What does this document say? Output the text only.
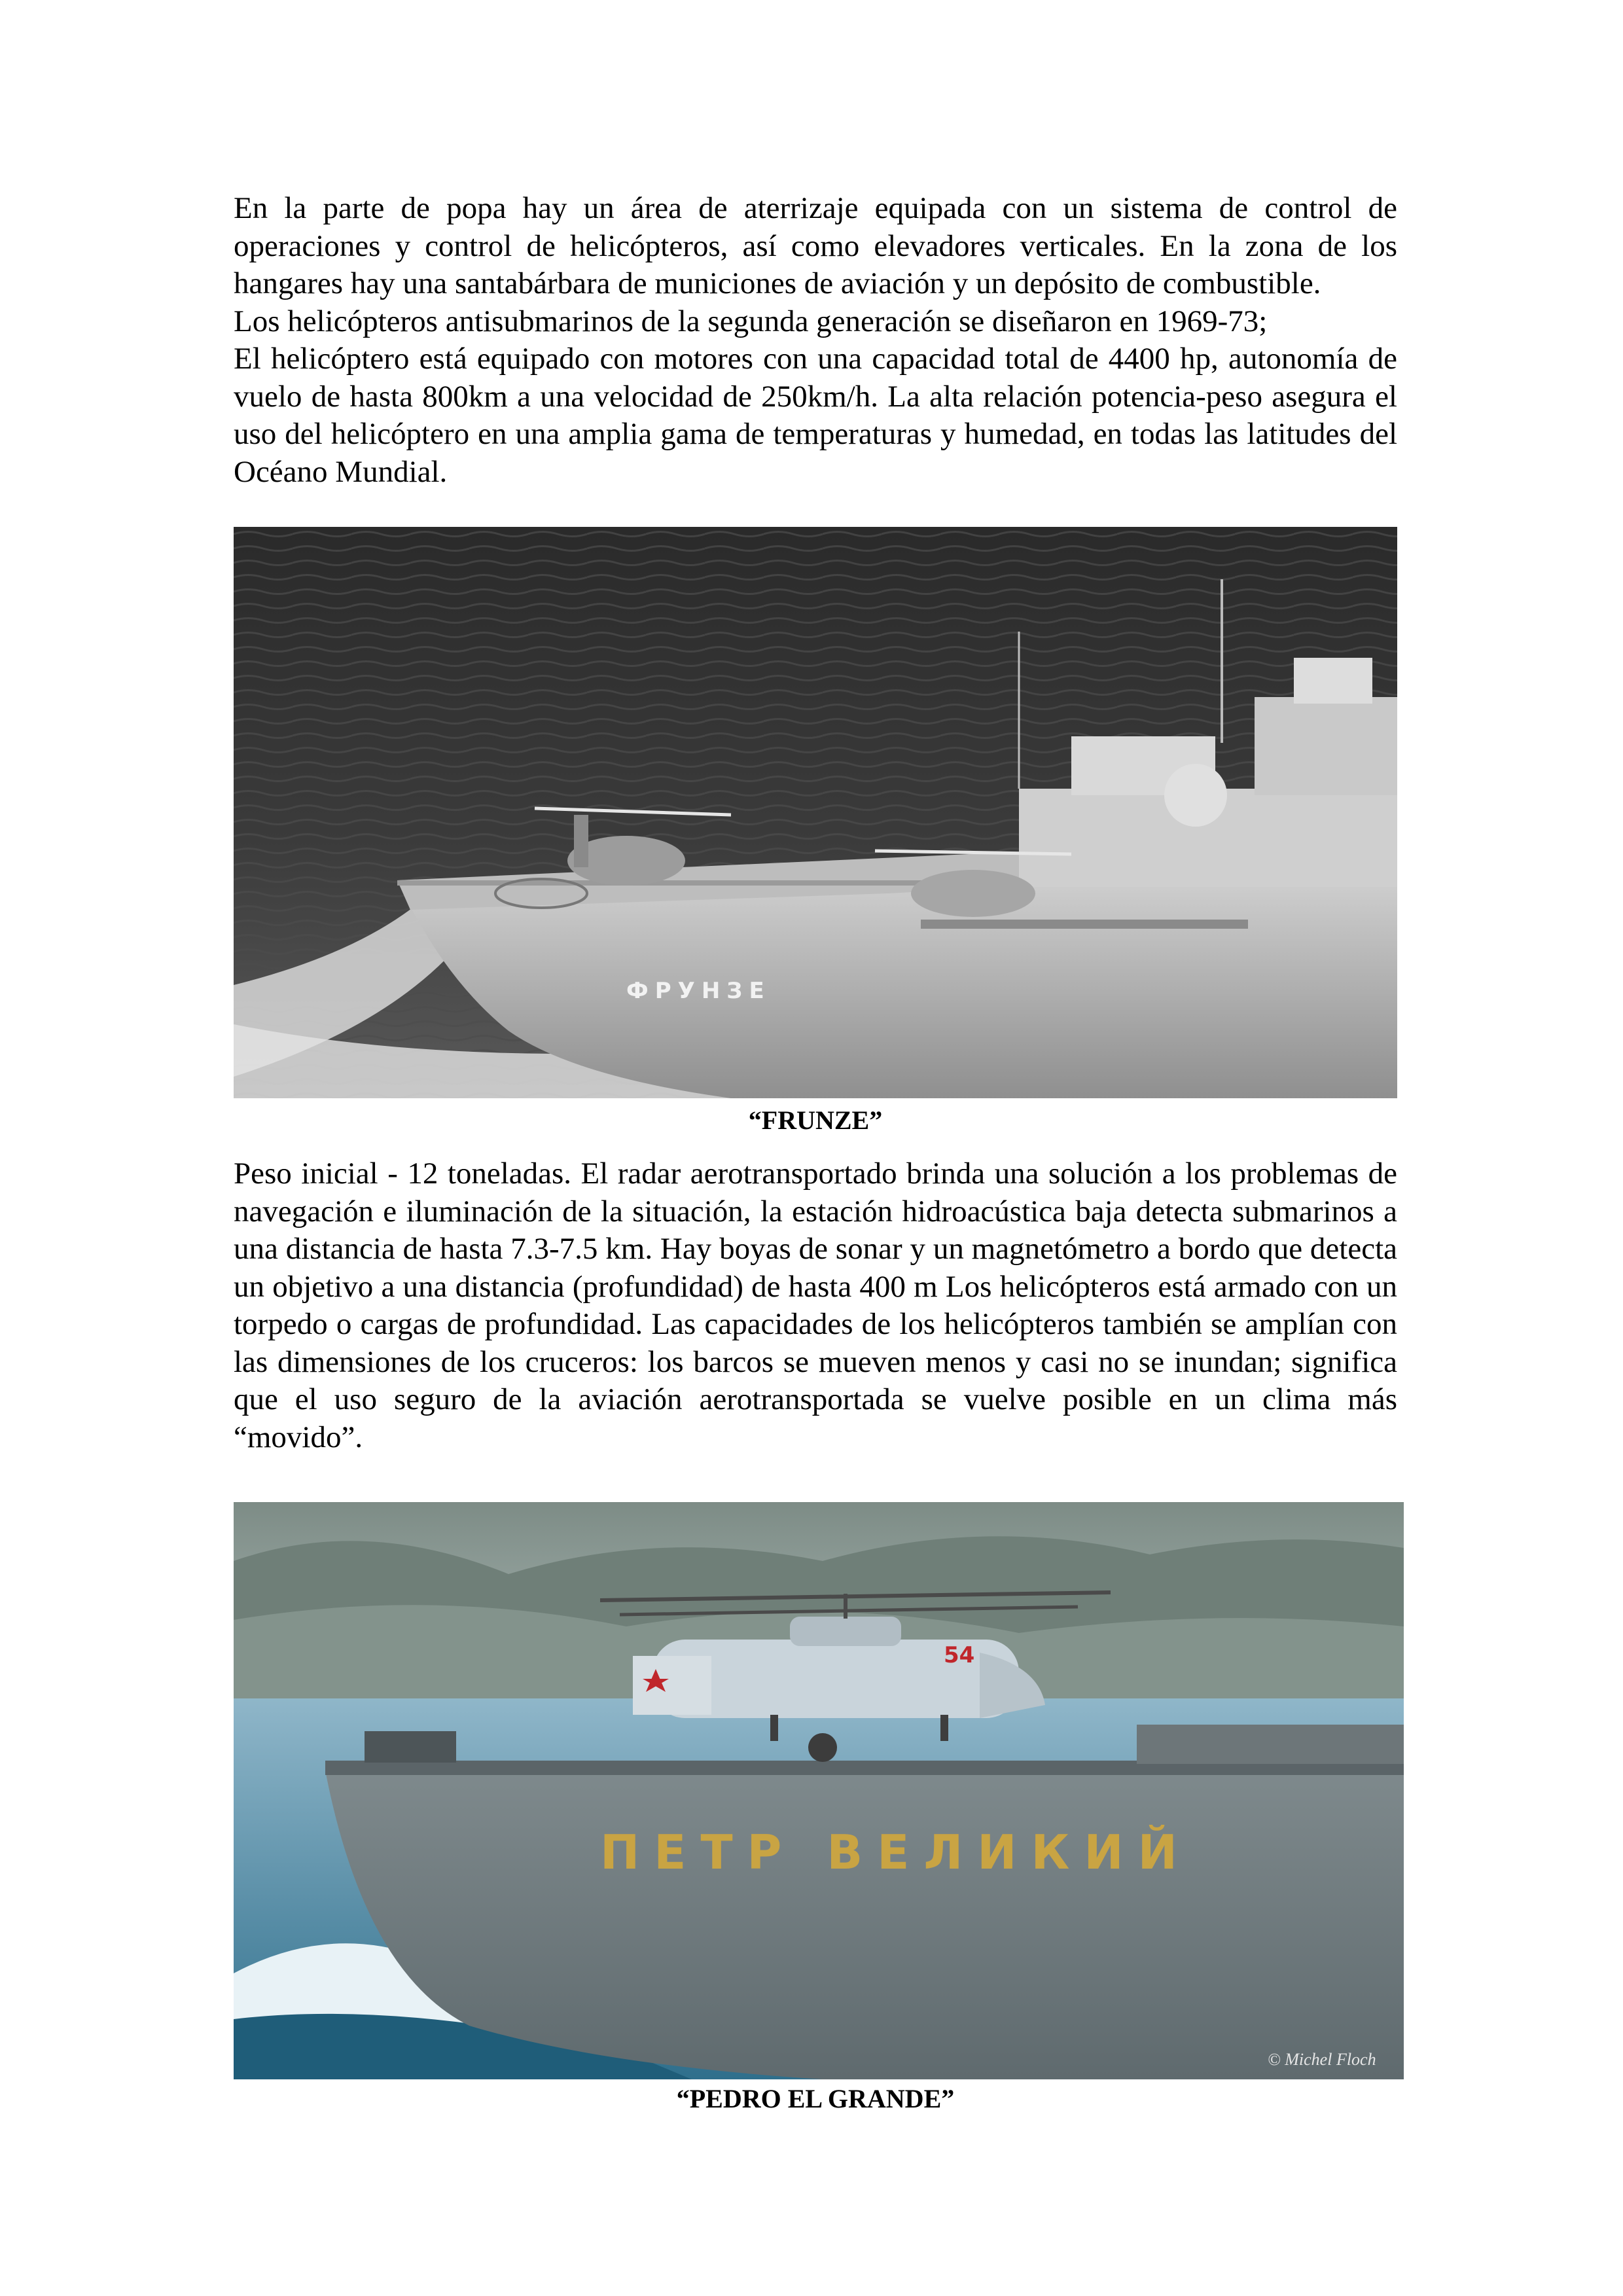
En la parte de popa hay un área de aterrizaje equipada con un sistema de control de operaciones y control de helicópteros, así como elevadores verticales. En la zona de los hangares hay una santabárbara de municiones de aviación y un depósito de combustible.
Los helicópteros antisubmarinos de la segunda generación se diseñaron en 1969-73;
El helicóptero está equipado con motores con una capacidad total de 4400 hp, autonomía de vuelo de hasta 800km a una velocidad de 250km/h. La alta relación potencia-peso asegura el uso del helicóptero en una amplia gama de temperaturas y humedad, en todas las latitudes del Océano Mundial.
ФРУНЗЕ
“FRUNZE”
Peso inicial - 12 toneladas. El radar aerotransportado brinda una solución a los problemas de navegación e iluminación de la situación, la estación hidroacústica baja detecta submarinos a una distancia de hasta 7.3-7.5 km. Hay boyas de sonar y un magnetómetro a bordo que detecta un objetivo a una distancia (profundidad) de hasta 400 m Los helicópteros está armado con un torpedo o cargas de profundidad. Las capacidades de los helicópteros también se amplían con las dimensiones de los cruceros: los barcos se mueven menos y casi no se inundan; significa que el uso seguro de la aviación aerotransportada se vuelve posible en un clima más “movido”.
54
ПЕТР ВЕЛИКИЙ
© Michel Floch
“PEDRO EL GRANDE”
